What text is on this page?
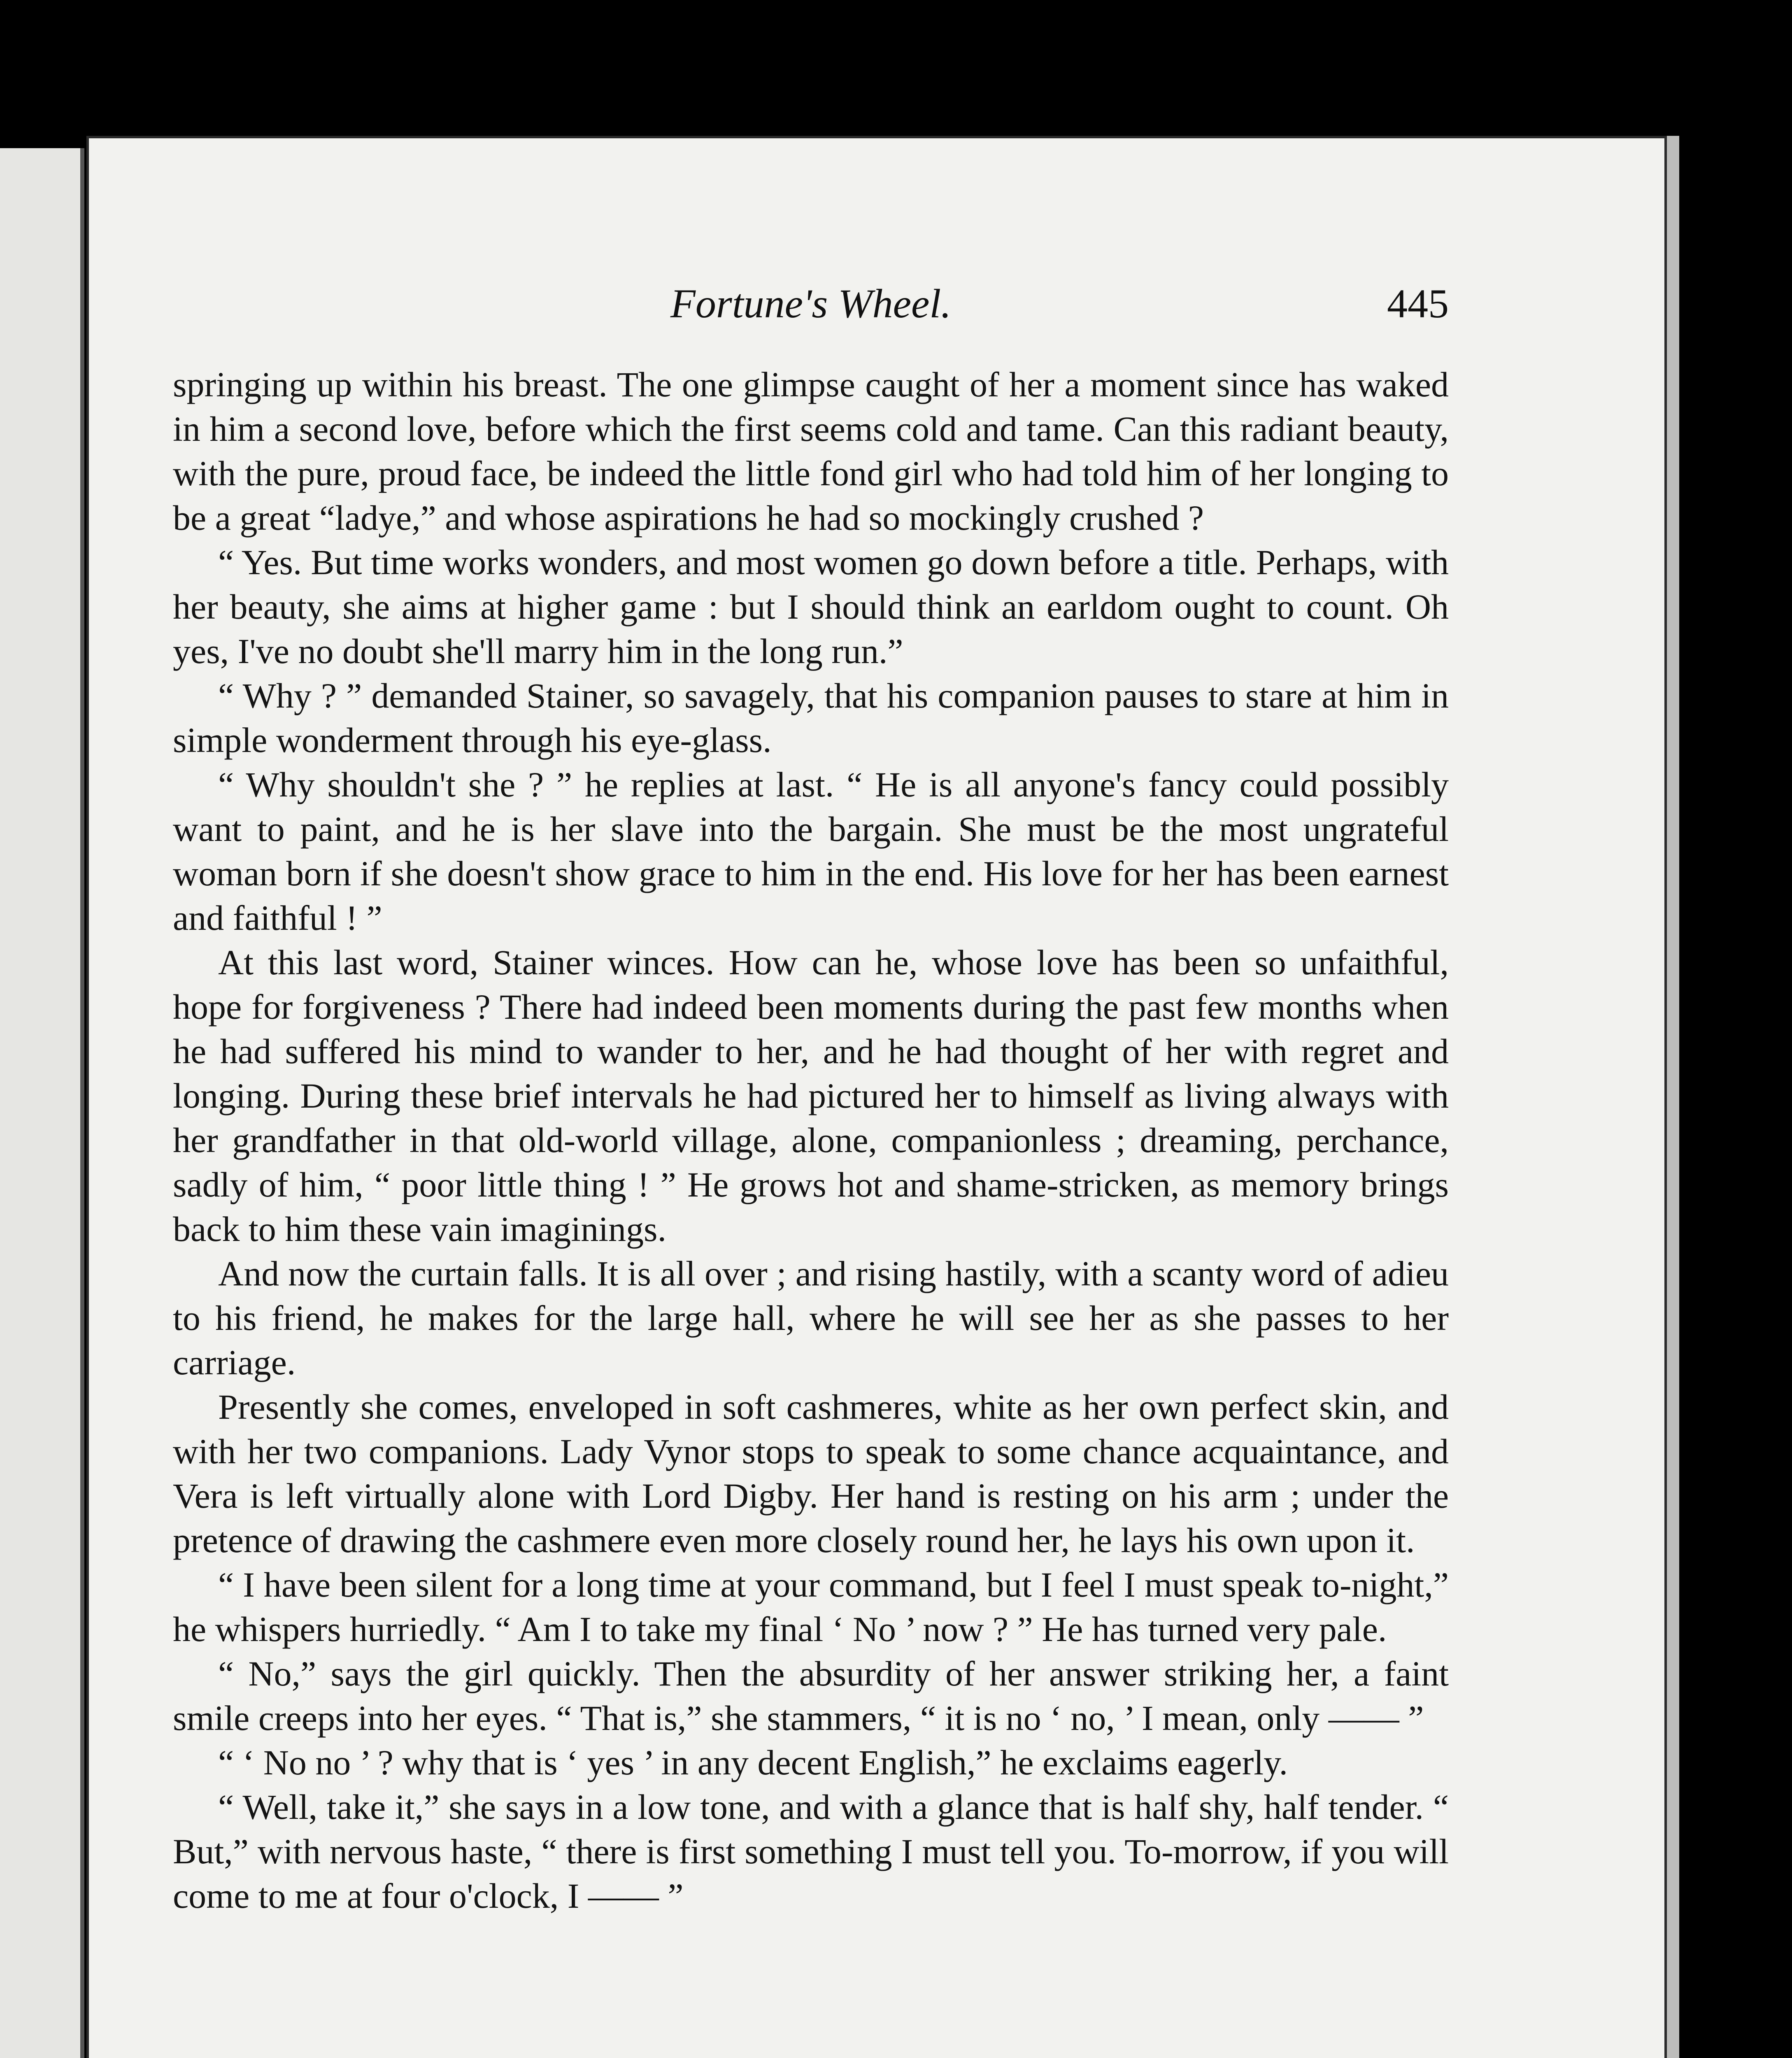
Fortune's Wheel.	445

springing up within his breast. The one glimpse caught of her a moment since has waked in him a second love, before which the first seems cold and tame. Can this radiant beauty, with the pure, proud face, be indeed the little fond girl who had told him of her longing to be a great “ladye,” and whose aspirations he had so mockingly crushed ?

“ Yes. But time works wonders, and most women go down before a title. Perhaps, with her beauty, she aims at higher game : but I should think an earldom ought to count. Oh yes, I've no doubt she'll marry him in the long run.”

“ Why ? ” demanded Stainer, so savagely, that his companion pauses to stare at him in simple wonderment through his eye-glass.

“ Why shouldn't she ? ” he replies at last. “ He is all anyone's fancy could possibly want to paint, and he is her slave into the bargain. She must be the most ungrateful woman born if she doesn't show grace to him in the end. His love for her has been earnest and faithful ! ”

At this last word, Stainer winces. How can he, whose love has been so unfaithful, hope for forgiveness ? There had indeed been moments during the past few months when he had suffered his mind to wander to her, and he had thought of her with regret and longing. During these brief intervals he had pictured her to himself as living always with her grandfather in that old-world village, alone, companionless ; dreaming, perchance, sadly of him, “ poor little thing ! ” He grows hot and shame-stricken, as memory brings back to him these vain imaginings.

And now the curtain falls. It is all over ; and rising hastily, with a scanty word of adieu to his friend, he makes for the large hall, where he will see her as she passes to her carriage.

Presently she comes, enveloped in soft cashmeres, white as her own perfect skin, and with her two companions. Lady Vynor stops to speak to some chance acquaintance, and Vera is left virtually alone with Lord Digby. Her hand is resting on his arm ; under the pretence of drawing the cashmere even more closely round her, he lays his own upon it.

“ I have been silent for a long time at your command, but I feel I must speak to-night,” he whispers hurriedly. “ Am I to take my final ‘ No ’ now ? ” He has turned very pale.

“ No,” says the girl quickly. Then the absurdity of her answer striking her, a faint smile creeps into her eyes. “ That is,” she stammers, “ it is no ‘ no, ’ I mean, only —— ”

“ ‘ No no ’ ? why that is ‘ yes ’ in any decent English,” he exclaims eagerly.

“ Well, take it,” she says in a low tone, and with a glance that is half shy, half tender. “ But,” with nervous haste, “ there is first something I must tell you. To-morrow, if you will come to me at four o'clock, I —— ”
